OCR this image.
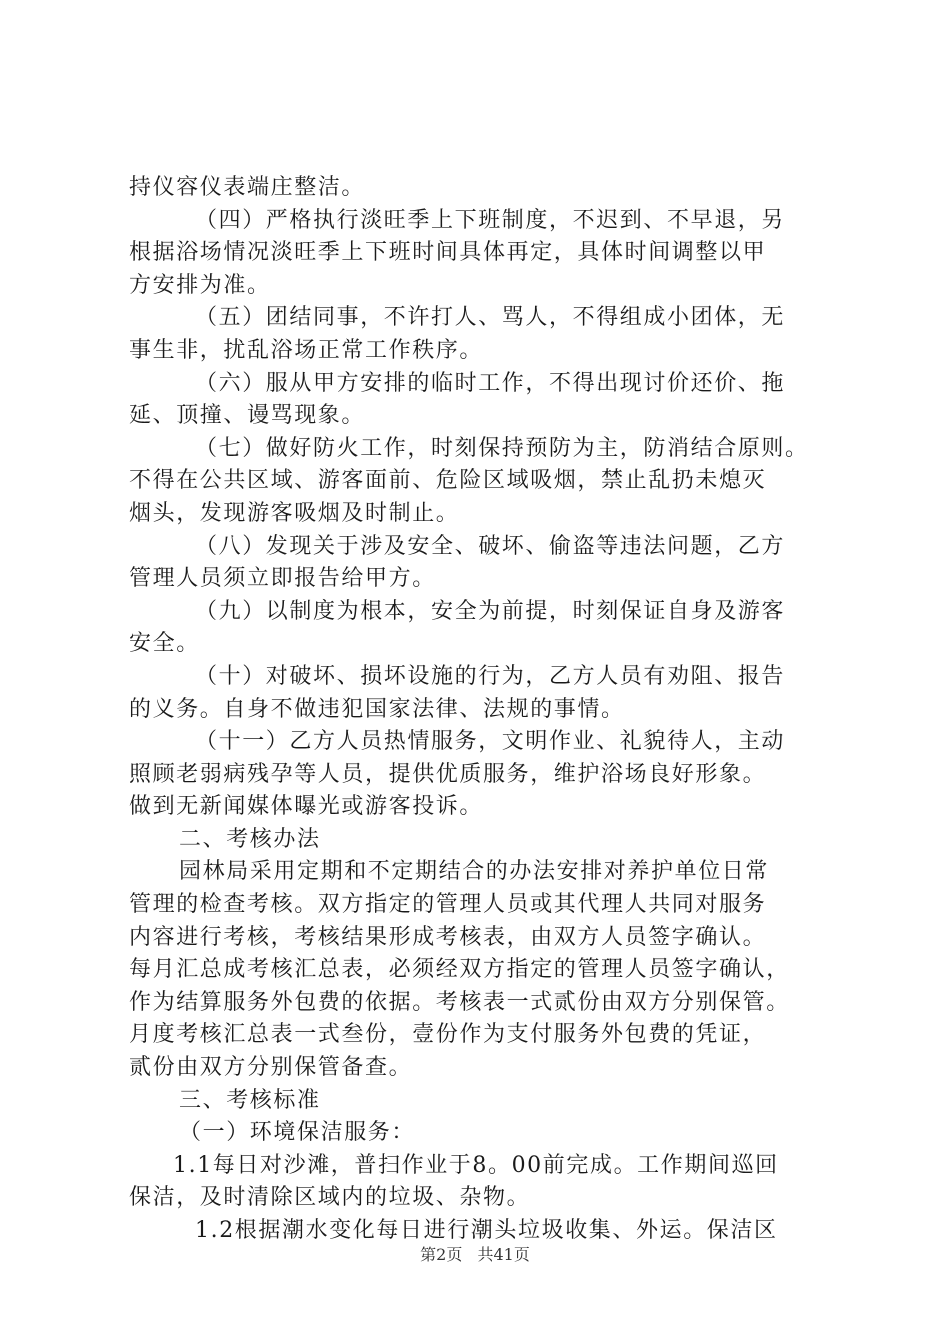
持仪容仪表端庄整洁。
（四）严格执行淡旺季上下班制度，不迟到、不早退，另
根据浴场情况淡旺季上下班时间具体再定，具体时间调整以甲
方安排为准。
（五）团结同事，不许打人、骂人，不得组成小团体，无
事生非，扰乱浴场正常工作秩序。
（六）服从甲方安排的临时工作，不得出现讨价还价、拖
延、顶撞、谩骂现象。
（七）做好防火工作，时刻保持预防为主，防消结合原则。
不得在公共区域、游客面前、危险区域吸烟，禁止乱扔未熄灭
烟头，发现游客吸烟及时制止。
（八）发现关于涉及安全、破坏、偷盗等违法问题，乙方
管理人员须立即报告给甲方。
（九）以制度为根本，安全为前提，时刻保证自身及游客
安全。
（十）对破坏、损坏设施的行为，乙方人员有劝阻、报告
的义务。自身不做违犯国家法律、法规的事情。
（十一）乙方人员热情服务，文明作业、礼貌待人，主动
照顾老弱病残孕等人员，提供优质服务，维护浴场良好形象。
做到无新闻媒体曝光或游客投诉。
二、考核办法
园林局采用定期和不定期结合的办法安排对养护单位日常
管理的检查考核。双方指定的管理人员或其代理人共同对服务
内容进行考核，考核结果形成考核表，由双方人员签字确认。
每月汇总成考核汇总表，必须经双方指定的管理人员签字确认，
作为结算服务外包费的依据。考核表一式贰份由双方分别保管。
月度考核汇总表一式叁份，壹份作为支付服务外包费的凭证，
贰份由双方分别保管备查。
三、考核标准
（一）环境保洁服务：
1.1每日对沙滩，普扫作业于8。00前完成。工作期间巡回
保洁，及时清除区域内的垃圾、杂物。
1.2根据潮水变化每日进行潮头垃圾收集、外运。保洁区
第2页 共41页
